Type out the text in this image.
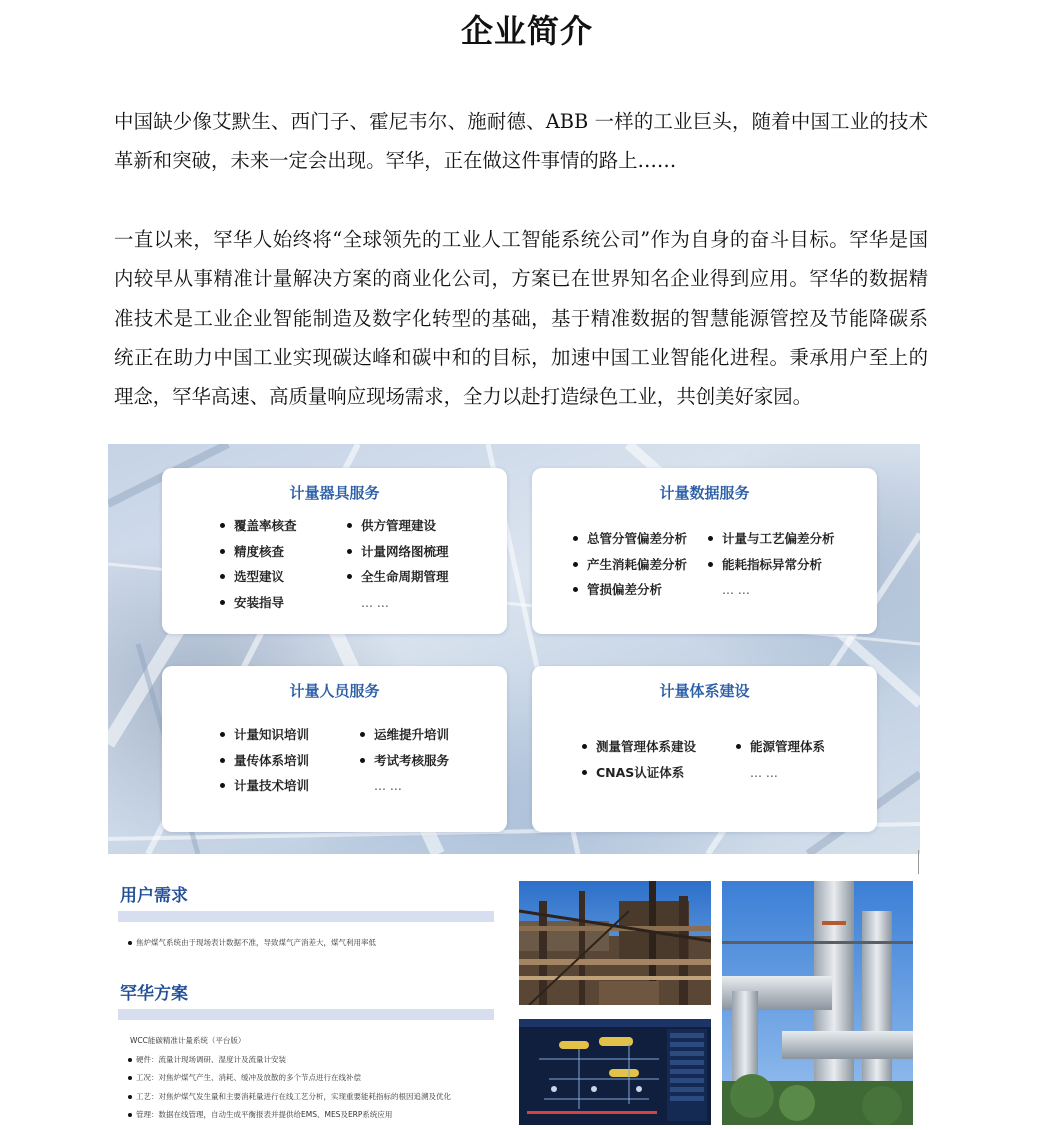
企业简介

中国缺少像艾默生、西门子、霍尼韦尔、施耐德、ABB 一样的工业巨头，随着中国工业的技术革新和突破，未来一定会出现。罕华，正在做这件事情的路上……

一直以来，罕华人始终将“全球领先的工业人工智能系统公司”作为自身的奋斗目标。罕华是国内较早从事精准计量解决方案的商业化公司，方案已在世界知名企业得到应用。罕华的数据精准技术是工业企业智能制造及数字化转型的基础，基于精准数据的智慧能源管控及节能降碳系统正在助力中国工业实现碳达峰和碳中和的目标，加速中国工业智能化进程。秉承用户至上的理念，罕华高速、高质量响应现场需求，全力以赴打造绿色工业，共创美好家园。

计量器具服务
覆盖率核查
精度核查
选型建议
安装指导
供方管理建设
计量网络图梳理
全生命周期管理
... ...
计量数据服务
总管分管偏差分析
产生消耗偏差分析
管损偏差分析
计量与工艺偏差分析
能耗指标异常分析
... ...
计量人员服务
计量知识培训
量传体系培训
计量技术培训
运维提升培训
考试考核服务
... ...
计量体系建设
测量管理体系建设
CNAS认证体系
能源管理体系
... ...
用户需求
焦炉煤气系统由于现场表计数据不准，导致煤气产消差大，煤气利用率低
罕华方案
WCC能碳精准计量系统（平台版）
硬件：流量计现场调研、湿度计及流量计安装
工况：对焦炉煤气产生、消耗、缓冲及放散的多个节点进行在线补偿
工艺：对焦炉煤气发生量和主要消耗量进行在线工艺分析，实现重要能耗指标的根因追溯及优化
管理：数据在线管理，自动生成平衡报表并提供给EMS、MES及ERP系统应用
